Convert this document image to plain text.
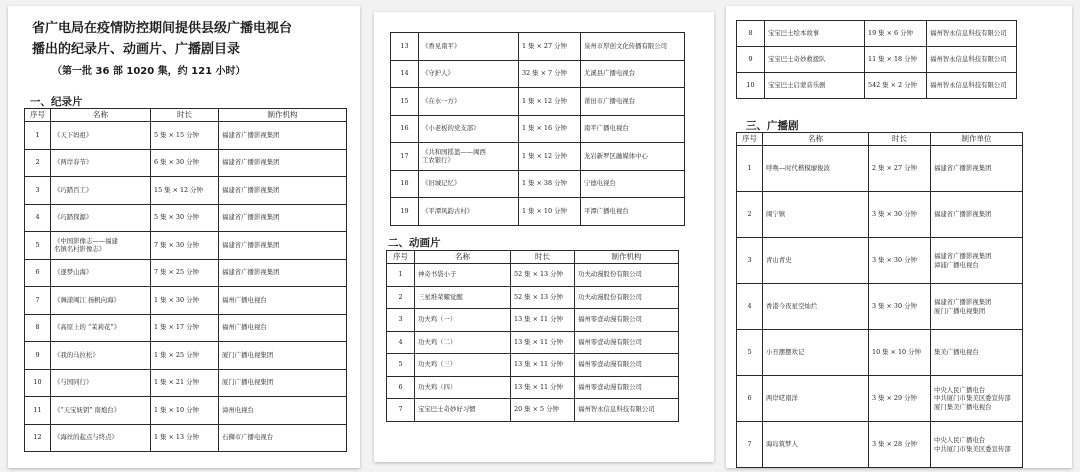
省广电局在疫情防控期间提供县级广播电视台
播出的纪录片、动画片、广播剧目录

（第一批 36 部 1020 集，约 121 小时）

一、纪录片
序号	名称	时长	制作机构
1	《天下妈祖》	5 集 × 15 分钟	福建省广播影视集团
2	《两岸春节》	6 集 × 30 分钟	福建省广播影视集团
3	《巧踏百工》	15 集 × 12 分钟	福建省广播影视集团
4	《巧踏探源》	5 集 × 30 分钟	福建省广播影视集团
5	《中国影像志——福建
名镇名村影像志》	7 集 × 30 分钟	福建省广播影视集团
6	《逐梦山海》	7 集 × 25 分钟	福建省广播影视集团
7	《舞漾闽江 扬帆向海》	1 集 × 30 分钟	福州广播电视台
8	《高原上的 “茉莉花”》	1 集 × 17 分钟	福州广播电视台
9	《我的马拉松》	1 集 × 25 分钟	厦门广播电视集团
10	《与国同行》	1 集 × 21 分钟	厦门广播电视集团
11	《“天宝妩钥” 南炮台》	1 集 × 10 分钟	漳州电视台
12	《海丝的起点与终点》	1 集 × 13 分钟	石狮市广播电视台
13	《香见南平》	1 集 × 27 分钟	泉州市厚创文化传播有限公司
14	《守护人》	32 集 × 7 分钟	尤溪县广播电视台
15	《在水一方》	1 集 × 12 分钟	莆田市广播电视台
16	《小老板的党支部》	1 集 × 16 分钟	南平广播电视台
17	《共和国摇篮——闽西
工农银行》	1 集 × 12 分钟	龙岩新罗区融媒体中心
18	《旧城记忆》	1 集 × 38 分钟	宁德电视台
19	《平潭风韵古村》	1 集 × 10 分钟	平潭广播电视台
二、动画片
序号	名称	时长	制作机构
1	神奇书袋小子	52 集 × 13 分钟	功夫动漫股份有限公司
2	三星堆荣耀觉醒	52 集 × 13 分钟	功夫动漫股份有限公司
3	功夫鸡（一）	13 集 × 11 分钟	福州零壹动漫有限公司
4	功夫鸡（二）	13 集 × 11 分钟	福州零壹动漫有限公司
5	功夫鸡（三）	13 集 × 11 分钟	福州零壹动漫有限公司
6	功夫鸡（四）	13 集 × 11 分钟	福州零壹动漫有限公司
7	宝宝巴士奇妙好习惯	20 集 × 5 分钟	福州智永信息科技有限公司
8	宝宝巴士绘本故事	19 集 × 6 分钟	福州智永信息科技有限公司
9	宝宝巴士奇妙救援队	11 集 × 18 分钟	福州智永信息科技有限公司
10	宝宝巴士启蒙音乐剧	542 集 × 2 分钟	福州智永信息科技有限公司
三、广播剧
序号	名称	时长	制作单位
1	呼唤—时代楷模廖俊波	2 集 × 27 分钟	福建省广播影视集团
2	闽宁镇	3 集 × 30 分钟	福建省广播影视集团
3	青山青史	3 集 × 30 分钟	福建省广播影视集团
漳浦广播电视台
4	香港今夜星空灿烂	3 集 × 30 分钟	福建省广播影视集团
厦门广播电视集团
5	小丑摆摆欢记	10 集 × 10 分钟	集美广播电视台
6	两岸呓南洋	3 集 × 29 分钟	中央人民广播电台
中共厦门市集美区委宣传部
厦门集美广播电视台
7	海岛筑梦人	3 集 × 28 分钟	中央人民广播电台
中共厦门市集美区委宣传部
